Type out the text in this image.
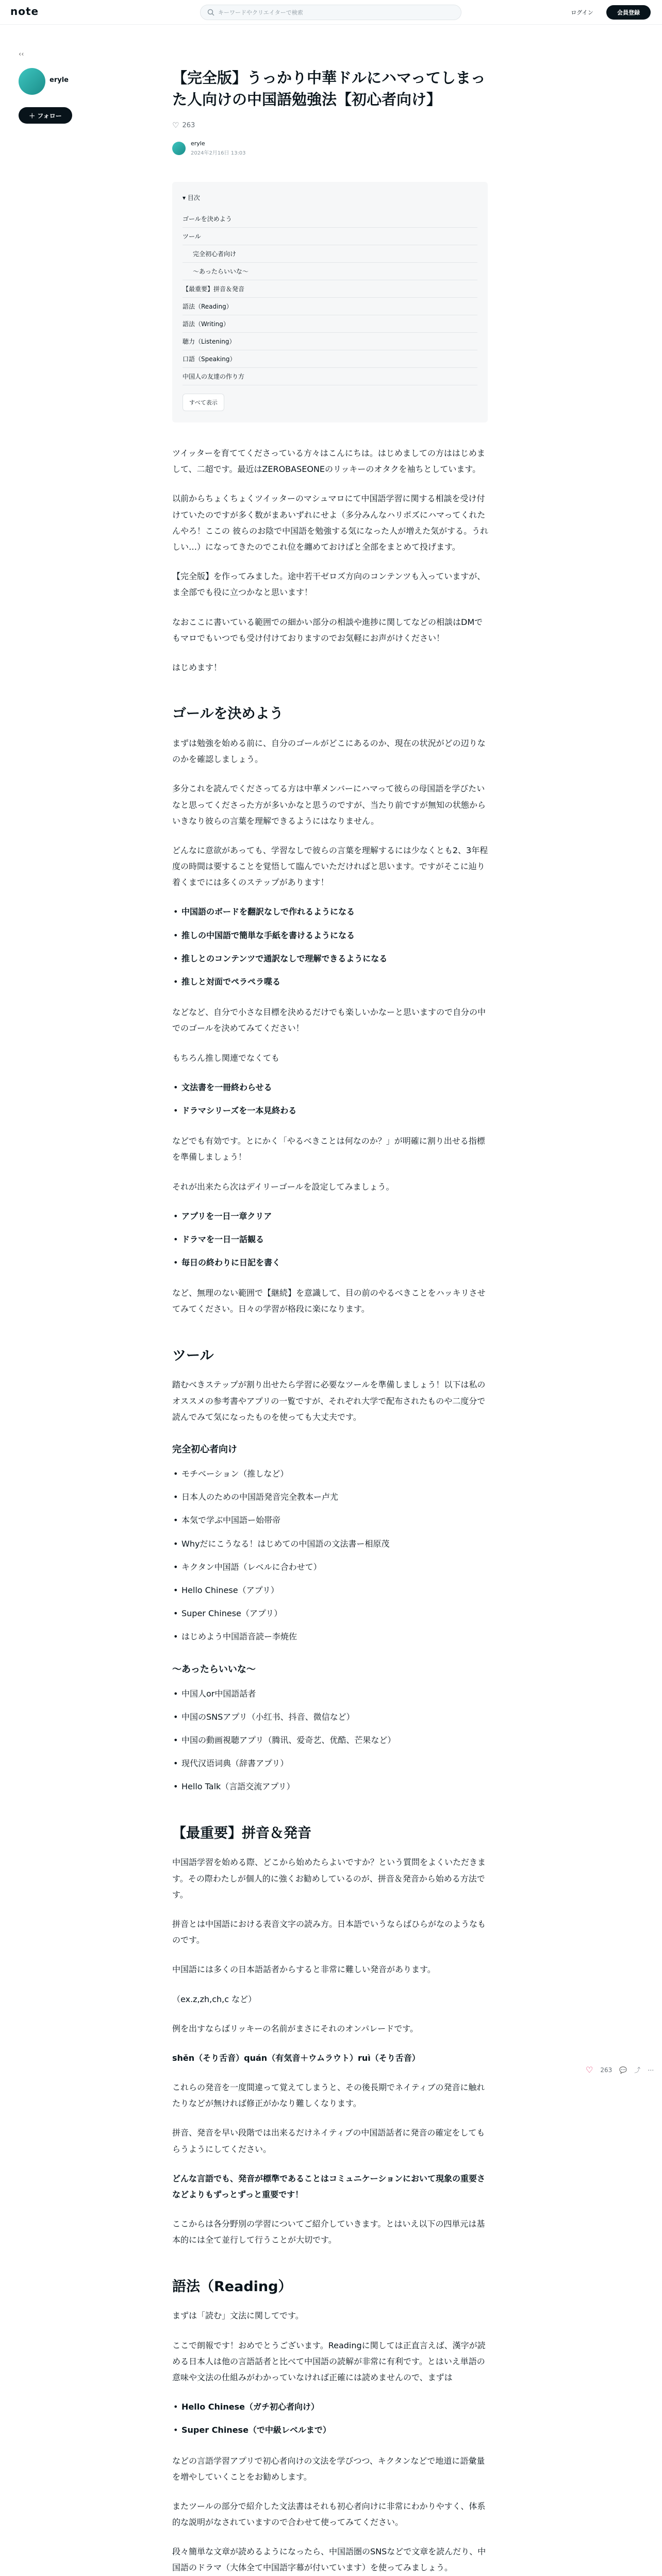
note	キーワードやクリエイターで検索	ログイン	会員登録
‹‹
eryle
＋ フォロー
【完全版】うっかり中華ドルにハマってしまった人向けの中国語勉強法【初心者向け】
♡ 263
eryle
2024年2月16日 13:03
▾ 目次
ゴールを決めよう
ツール
完全初心者向け
〜あったらいいな〜
【最重要】拼音＆発音
語法（Reading）
語法（Writing）
聴力（Listening）
口語（Speaking）
中国人の友達の作り方
すべて表示

ツイッターを育ててくださっている方々はこんにちは。はじめましての方ははじめまして、二超です。最近はZEROBASEONEのリッキーのオタクを袖ちとしています。

以前からちょくちょくツイッターのマシュマロにて中国語学習に関する相談を受け付けていたのですが多く数がまあいずれにせよ（多分みんなハリポズにハマってくれたんやろ！ここの 彼らのお陰で中国語を勉強する気になった人が増えた気がする。うれしい…）になってきたのでこれ位を纏めておけばと全部をまとめて投げます。

【完全版】を作ってみました。途中若干ゼロズ方向のコンテンツも入っていますが、ま全部でも役に立つかなと思います！

なおここに書いている範囲での細かい部分の相談や進捗に関してなどの相談はDMでもマロでもいつでも受け付けておりますのでお気軽にお声がけください！

はじめます！

ゴールを決めよう

まずは勉強を始める前に、自分のゴールがどこにあるのか、現在の状況がどの辺りなのかを確認しましょう。

多分これを読んでくださってる方は中華メンバーにハマって彼らの母国語を学びたいなと思ってくださった方が多いかなと思うのですが、当たり前ですが無知の状態からいきなり彼らの言葉を理解できるようにはなりません。

どんなに意欲があっても、学習なしで彼らの言葉を理解するには少なくとも2、3年程度の時間は要することを覚悟して臨んでいただければと思います。ですがそこに辿り着くまでには多くのステップがあります！

• 中国語のボードを翻訳なしで作れるようになる
• 推しの中国語で簡単な手紙を書けるようになる
• 推しとのコンテンツで通訳なしで理解できるようになる
• 推しと対面でペラペラ喋る

などなど、自分で小さな目標を決めるだけでも楽しいかなーと思いますので自分の中でのゴールを決めてみてください！

もちろん推し関連でなくても

• 文法書を一冊終わらせる
• ドラマシリーズを一本見終わる

などでも有効です。とにかく「やるべきことは何なのか？」が明確に割り出せる指標を準備しましょう！

それが出来たら次はデイリーゴールを設定してみましょう。

• アプリを一日一章クリア
• ドラマを一日一話観る
• 毎日の終わりに日記を書く

など、無理のない範囲で【継続】を意識して、目の前のやるべきことをハッキリさせてみてください。日々の学習が格段に楽になります。

ツール

踏むべきステップが割り出せたら学習に必要なツールを準備しましょう！以下は私のオススメの参考書やアプリの一覧ですが、それぞれ大学で配布されたものや二度分で読んでみて気になったものを使っても大丈夫です。

完全初心者向け
• モチベーション（推しなど）
• 日本人のための中国語発音完全教本ー卢尤
• 本気で学ぶ中国語ー始帯帝
• Whyだにこうなる！はじめての中国語の文法書ー相原茂
• キクタン中国語（レベルに合わせて）
• Hello Chinese（アプリ）
• Super Chinese（アプリ）
• はじめよう中国語音読ー李焼佐
〜あったらいいな〜
• 中国人or中国語話者
• 中国のSNSアプリ（小红书、抖音、微信など）
• 中国の動画視聴アプリ（腾讯、爱奇艺、优酷、芒果など）
• 现代汉语词典（辞書アプリ）
• Hello Talk（言語交流アプリ）
【最重要】拼音＆発音

中国語学習を始める際、どこから始めたらよいですか？という質問をよくいただきます。その際わたしが個人的に強くお勧めしているのが、拼音＆発音から始める方法です。

拼音とは中国語における表音文字の読み方。日本語でいうならばひらがなのようなものです。

中国語には多くの日本語話者からすると非常に難しい発音があります。

（ex.z,zh,ch,c など）

例を出すならばリッキーの名前がまさにそれのオンパレードです。

shěn（そり舌音）quán（有気音＋ウムラウト）ruì（そり舌音）

これらの発音を一度間違って覚えてしまうと、その後長期でネイティブの発音に触れたりなどが無ければ修正がかなり難しくなります。

拼音、発音を早い段階では出来るだけネイティブの中国語話者に発音の確定をしてもらうようにしてください。

どんな言語でも、発音が標準であることはコミュニケーションにおいて現象の重要さなどよりもずっとずっと重要です！

ここからは各分野別の学習についてご紹介していきます。とはいえ以下の四単元は基本的には全て並行して行うことが大切です。

語法（Reading）

まずは「読む」文法に関してです。

ここで朗報です！おめでとうございます。Readingに関しては正直言えば、漢字が読める日本人は他の言語話者と比べて中国語の読解が非常に有利です。とはいえ単語の意味や文法の仕組みがわかっていなければ正確には読めませんので、まずは

• Hello Chinese（ガチ初心者向け）
• Super Chinese（で中級レベルまで）

などの言語学習アプリで初心者向けの文法を学びつつ、キクタンなどで地道に語彙量を増やしていくことをお勧めします。

またツールの部分で紹介した文法書はそれも初心者向けに非常にわかりやすく、体系的な説明がなされていますので合わせて使ってみてください。

段々簡単な文章が読めるようになったら、中国語圏のSNSなどで文章を読んだり、中国語のドラマ（大体全て中国語字幕が付いています）を使ってみましょう。

♡ 263 💬 ⤴ ⋯
